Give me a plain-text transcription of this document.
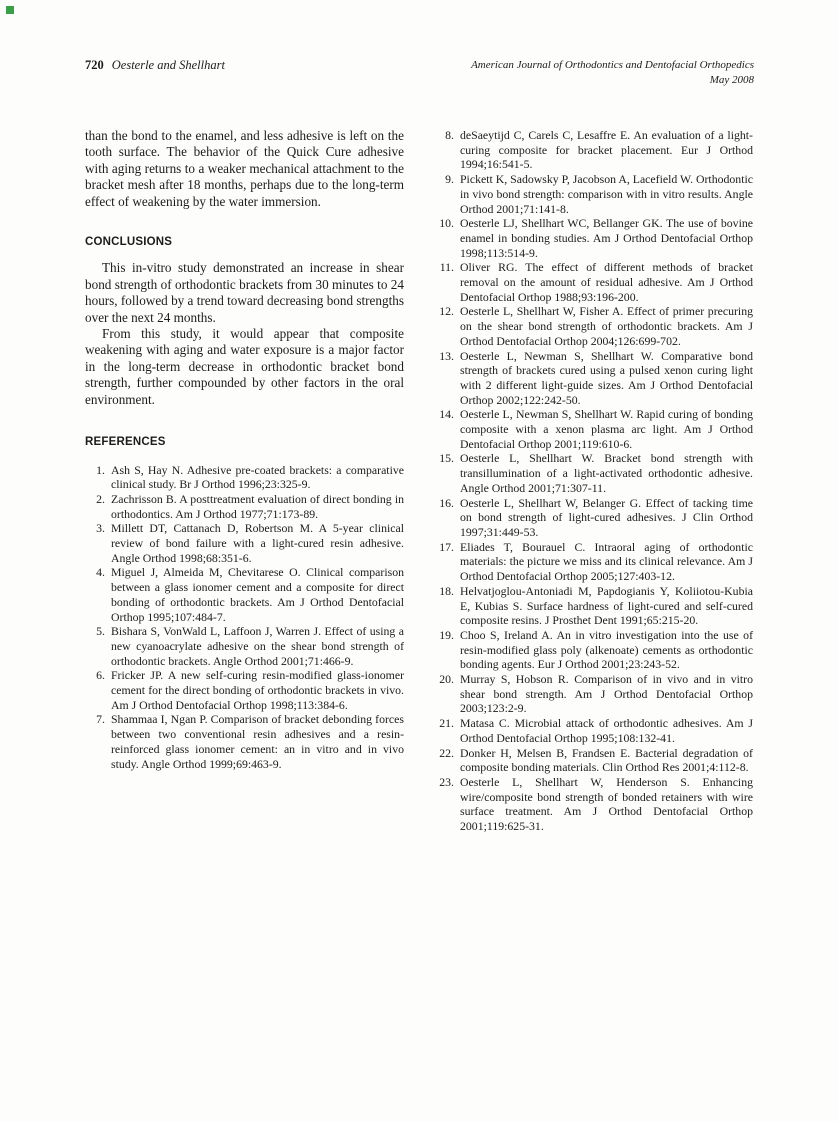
720 Oesterle and Shellhart	American Journal of Orthodontics and Dentofacial Orthopedics
May 2008

than the bond to the enamel, and less adhesive is left on the tooth surface. The behavior of the Quick Cure adhesive with aging returns to a weaker mechanical attachment to the bracket mesh after 18 months, perhaps due to the long-term effect of weakening by the water immersion.

CONCLUSIONS

This in-vitro study demonstrated an increase in shear bond strength of orthodontic brackets from 30 minutes to 24 hours, followed by a trend toward decreasing bond strengths over the next 24 months.

From this study, it would appear that composite weakening with aging and water exposure is a major factor in the long-term decrease in orthodontic bracket bond strength, further compounded by other factors in the oral environment.

REFERENCES
1. Ash S, Hay N. Adhesive pre-coated brackets: a comparative clinical study. Br J Orthod 1996;23:325-9.
2. Zachrisson B. A posttreatment evaluation of direct bonding in orthodontics. Am J Orthod 1977;71:173-89.
3. Millett DT, Cattanach D, Robertson M. A 5-year clinical review of bond failure with a light-cured resin adhesive. Angle Orthod 1998;68:351-6.
4. Miguel J, Almeida M, Chevitarese O. Clinical comparison between a glass ionomer cement and a composite for direct bonding of orthodontic brackets. Am J Orthod Dentofacial Orthop 1995;107:484-7.
5. Bishara S, VonWald L, Laffoon J, Warren J. Effect of using a new cyanoacrylate adhesive on the shear bond strength of orthodontic brackets. Angle Orthod 2001;71:466-9.
6. Fricker JP. A new self-curing resin-modified glass-ionomer cement for the direct bonding of orthodontic brackets in vivo. Am J Orthod Dentofacial Orthop 1998;113:384-6.
7. Shammaa I, Ngan P. Comparison of bracket debonding forces between two conventional resin adhesives and a resin-reinforced glass ionomer cement: an in vitro and in vivo study. Angle Orthod 1999;69:463-9.
8. deSaeytijd C, Carels C, Lesaffre E. An evaluation of a light-curing composite for bracket placement. Eur J Orthod 1994;16:541-5.
9. Pickett K, Sadowsky P, Jacobson A, Lacefield W. Orthodontic in vivo bond strength: comparison with in vitro results. Angle Orthod 2001;71:141-8.
10. Oesterle LJ, Shellhart WC, Bellanger GK. The use of bovine enamel in bonding studies. Am J Orthod Dentofacial Orthop 1998;113:514-9.
11. Oliver RG. The effect of different methods of bracket removal on the amount of residual adhesive. Am J Orthod Dentofacial Orthop 1988;93:196-200.
12. Oesterle L, Shellhart W, Fisher A. Effect of primer precuring on the shear bond strength of orthodontic brackets. Am J Orthod Dentofacial Orthop 2004;126:699-702.
13. Oesterle L, Newman S, Shellhart W. Comparative bond strength of brackets cured using a pulsed xenon curing light with 2 different light-guide sizes. Am J Orthod Dentofacial Orthop 2002;122:242-50.
14. Oesterle L, Newman S, Shellhart W. Rapid curing of bonding composite with a xenon plasma arc light. Am J Orthod Dentofacial Orthop 2001;119:610-6.
15. Oesterle L, Shellhart W. Bracket bond strength with transillumination of a light-activated orthodontic adhesive. Angle Orthod 2001;71:307-11.
16. Oesterle L, Shellhart W, Belanger G. Effect of tacking time on bond strength of light-cured adhesives. J Clin Orthod 1997;31:449-53.
17. Eliades T, Bourauel C. Intraoral aging of orthodontic materials: the picture we miss and its clinical relevance. Am J Orthod Dentofacial Orthop 2005;127:403-12.
18. Helvatjoglou-Antoniadi M, Papdogianis Y, Koliiotou-Kubia E, Kubias S. Surface hardness of light-cured and self-cured composite resins. J Prosthet Dent 1991;65:215-20.
19. Choo S, Ireland A. An in vitro investigation into the use of resin-modified glass poly (alkenoate) cements as orthodontic bonding agents. Eur J Orthod 2001;23:243-52.
20. Murray S, Hobson R. Comparison of in vivo and in vitro shear bond strength. Am J Orthod Dentofacial Orthop 2003;123:2-9.
21. Matasa C. Microbial attack of orthodontic adhesives. Am J Orthod Dentofacial Orthop 1995;108:132-41.
22. Donker H, Melsen B, Frandsen E. Bacterial degradation of composite bonding materials. Clin Orthod Res 2001;4:112-8.
23. Oesterle L, Shellhart W, Henderson S. Enhancing wire/composite bond strength of bonded retainers with wire surface treatment. Am J Orthod Dentofacial Orthop 2001;119:625-31.
